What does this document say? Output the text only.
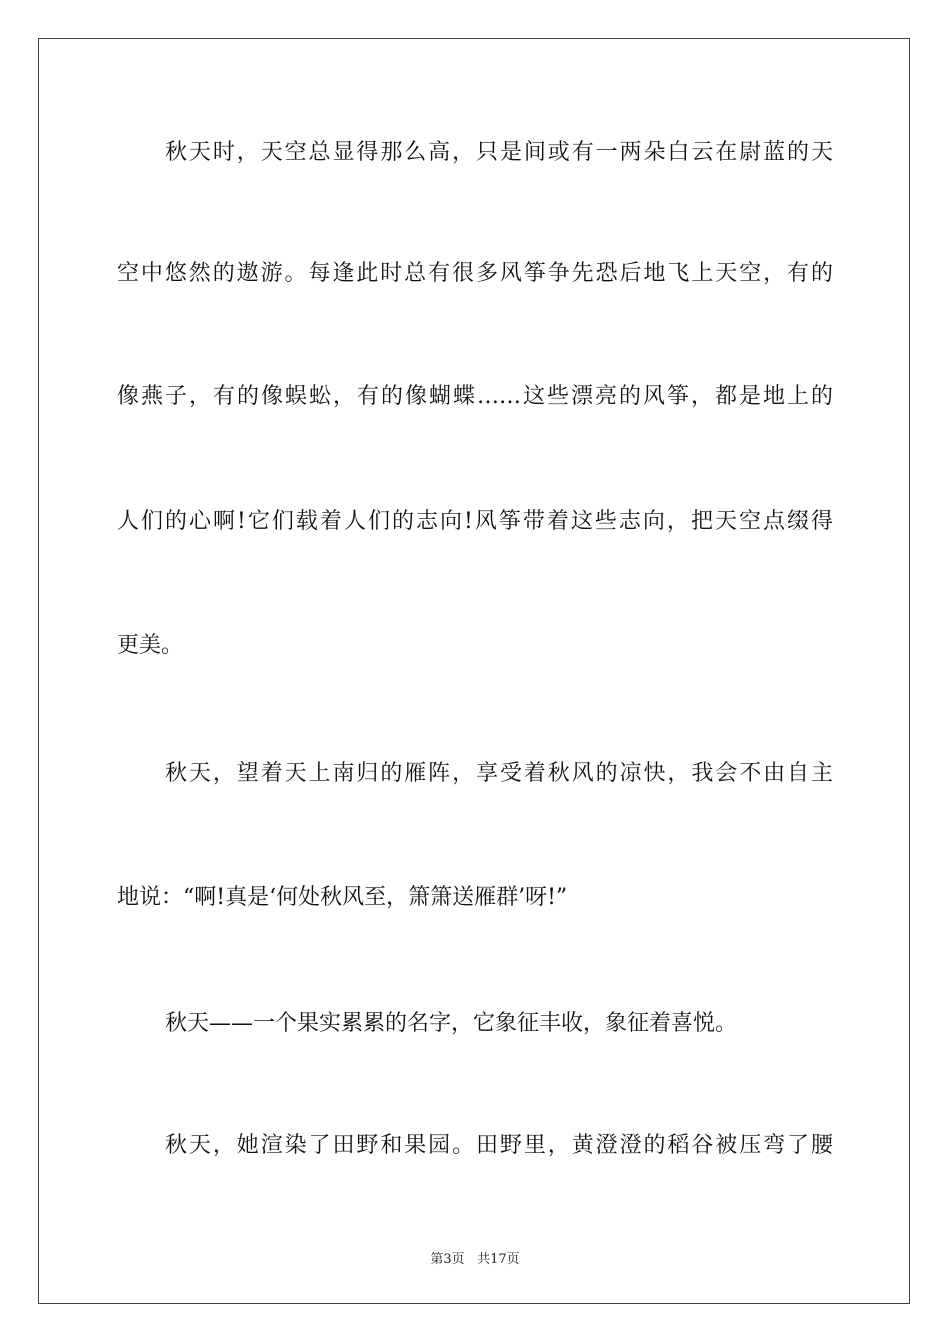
秋天时，天空总显得那么高，只是间或有一两朵白云在尉蓝的天
空中悠然的遨游。每逢此时总有很多风筝争先恐后地飞上天空，有的
像燕子，有的像蜈蚣，有的像蝴蝶……这些漂亮的风筝，都是地上的
人们的心啊!它们载着人们的志向!风筝带着这些志向，把天空点缀得
更美。
秋天，望着天上南归的雁阵，享受着秋风的凉快，我会不由自主
地说：“啊!真是‘何处秋风至，箫箫送雁群’呀!”
秋天——一个果实累累的名字，它象征丰收，象征着喜悦。
秋天，她渲染了田野和果园。田野里，黄澄澄的稻谷被压弯了腰
第3页 共17页
